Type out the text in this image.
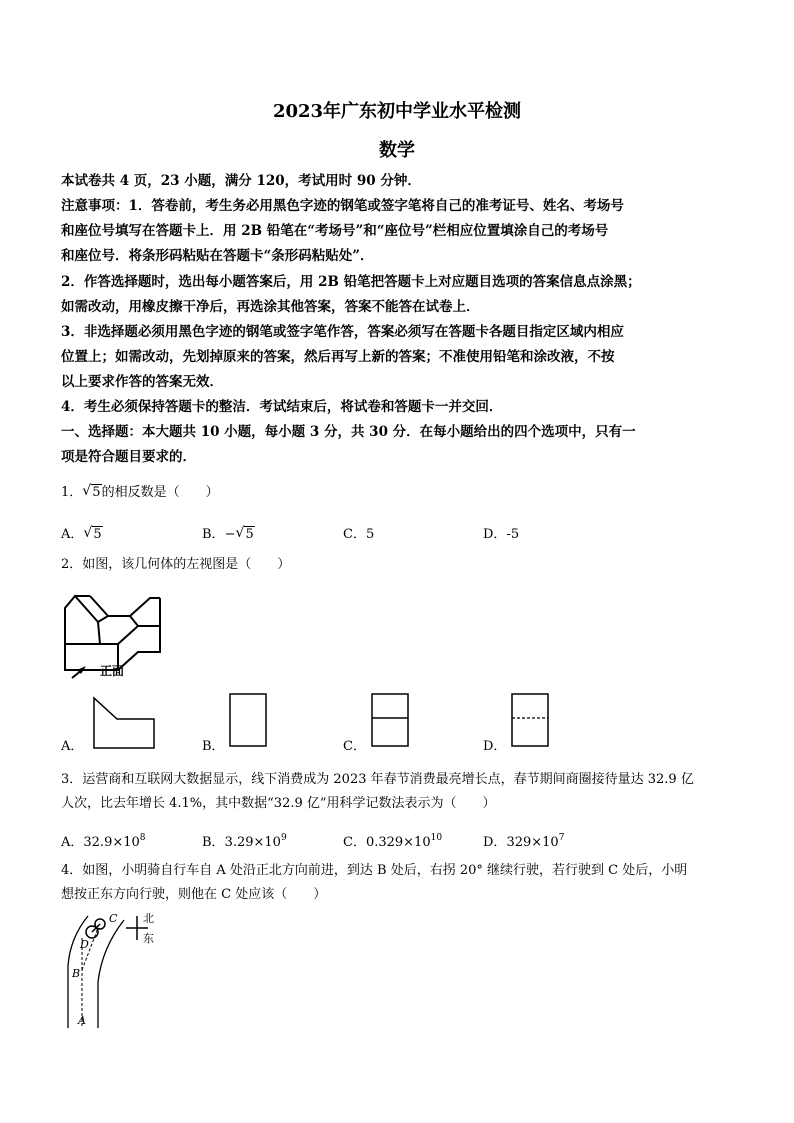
2023年广东初中学业水平检测
数学
本试卷共 4 页，23 小题，满分 120，考试用时 90 分钟．
注意事项：1．答卷前，考生务必用黑色字迹的钢笔或签字笔将自己的准考证号、姓名、考场号
和座位号填写在答题卡上．用 2B 铅笔在“考场号”和“座位号”栏相应位置填涂自己的考场号
和座位号．将条形码粘贴在答题卡“条形码粘贴处”．
2．作答选择题时，选出每小题答案后，用 2B 铅笔把答题卡上对应题目选项的答案信息点涂黑；
如需改动，用橡皮擦干净后，再选涂其他答案，答案不能答在试卷上．
3．非选择题必须用黑色字迹的钢笔或签字笔作答，答案必须写在答题卡各题目指定区域内相应
位置上；如需改动，先划掉原来的答案，然后再写上新的答案；不准使用铅笔和涂改液，不按
以上要求作答的答案无效．
4．考生必须保持答题卡的整洁．考试结束后，将试卷和答题卡一并交回．
一、选择题：本大题共 10 小题，每小题 3 分，共 30 分．在每小题给出的四个选项中，只有一
项是符合题目要求的．
1． √ 5的相反数是（　　）
A． √ 5	B．− √ 5	C．5	D．-5
2．如图，该几何体的左视图是（　　）
正面
A．	B．	C．	D．
3．运营商和互联网大数据显示，线下消费成为 2023 年春节消费最亮增长点，春节期间商圈接待量达 32.9 亿
人次，比去年增长 4.1%，其中数据“32.9 亿”用科学记数法表示为（　　）
A．$32.9\times 10^8$	B．$3.29\times 10^9$	C．$0.329\times 10^{10}$	D．$329\times 10^7$
4．如图，小明骑自行车自 A 处沿正北方向前进，到达 B 处后，右拐 20° 继续行驶，若行驶到 C 处后，小明
想按正东方向行驶，则他在 C 处应该（　　）
C
D
B
A
北
东
